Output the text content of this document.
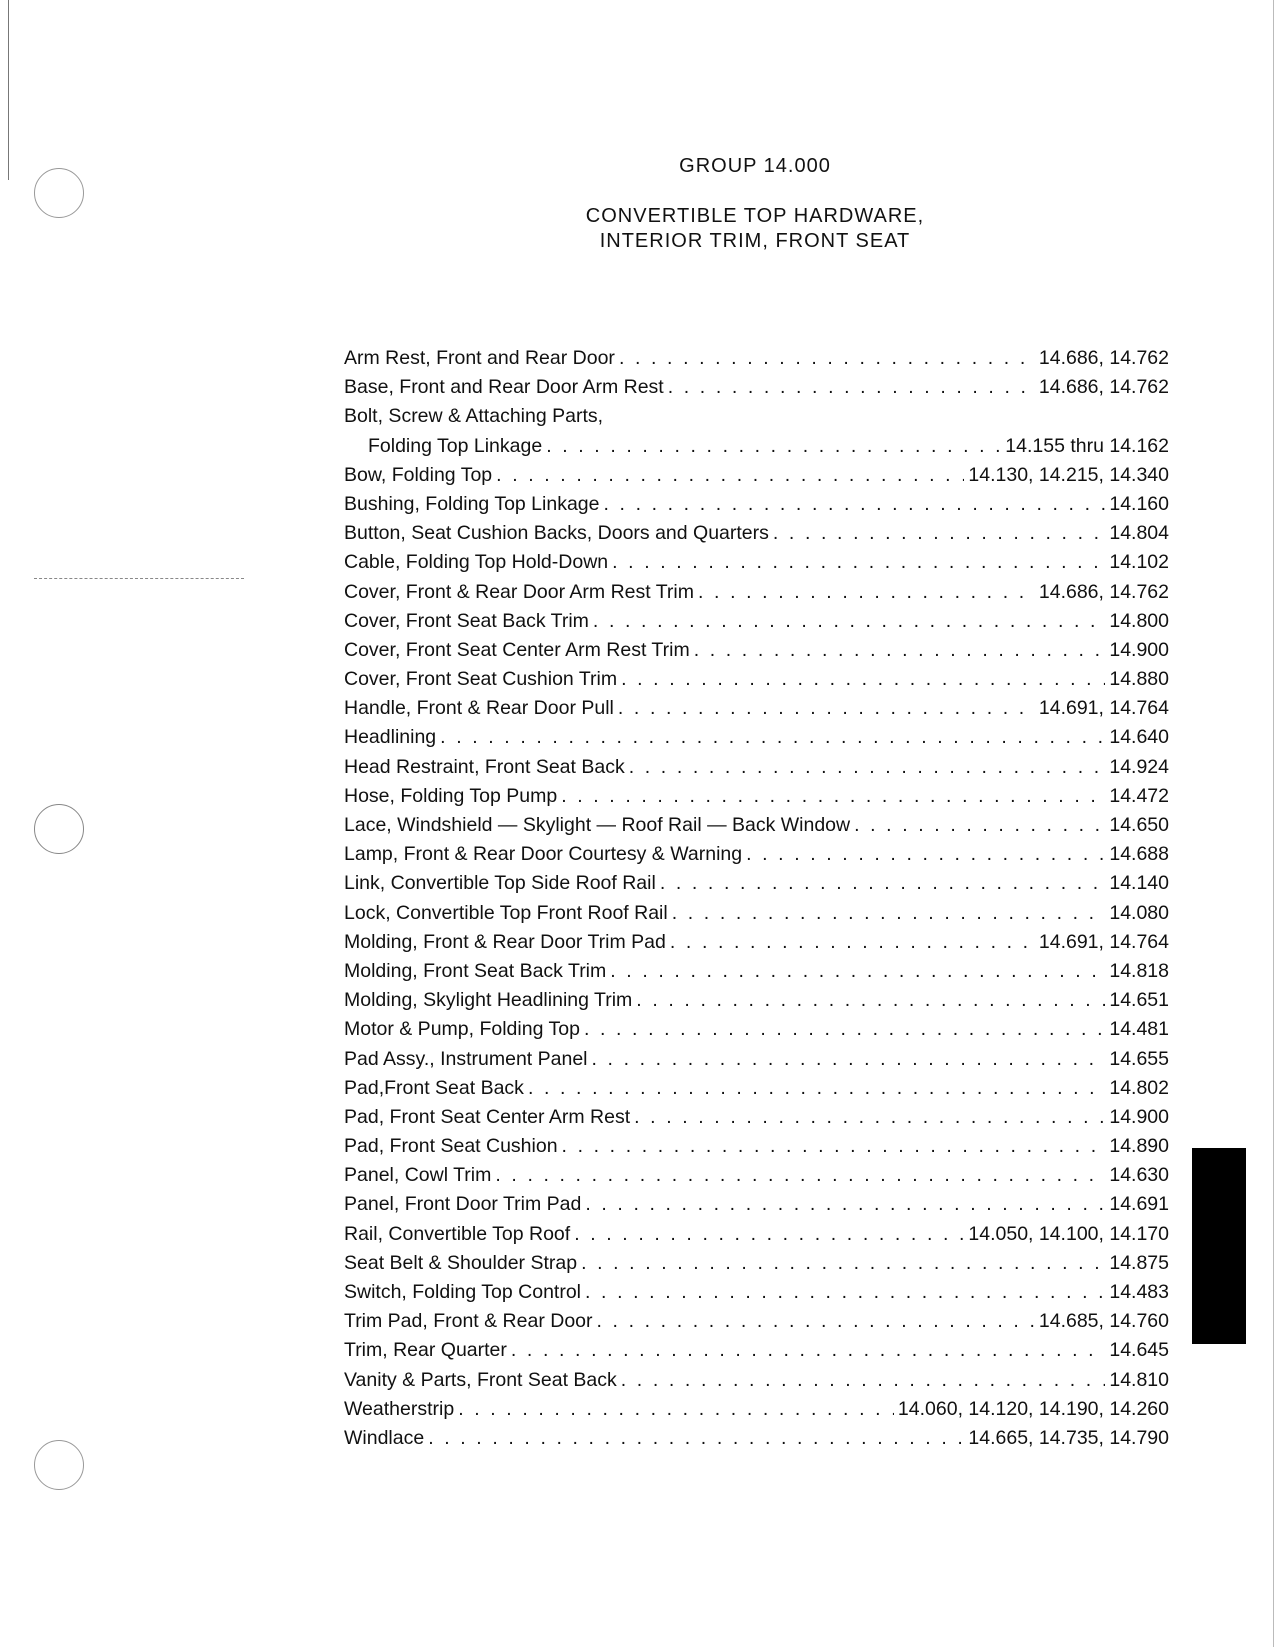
GROUP 14.000
CONVERTIBLE TOP HARDWARE,
INTERIOR TRIM, FRONT SEAT
Arm Rest, Front and Rear Door . . .	14.686, 14.762
Base, Front and Rear Door Arm Rest . . .	14.686, 14.762
Bolt, Screw & Attaching Parts,
Folding Top Linkage . . .	14.155 thru 14.162
Bow, Folding Top . . .	14.130, 14.215, 14.340
Bushing, Folding Top Linkage . . .	14.160
Button, Seat Cushion Backs, Doors and Quarters . . .	14.804
Cable, Folding Top Hold-Down . . .	14.102
Cover, Front & Rear Door Arm Rest Trim . . .	14.686, 14.762
Cover, Front Seat Back Trim . . .	14.800
Cover, Front Seat Center Arm Rest Trim . . .	14.900
Cover, Front Seat Cushion Trim . . .	14.880
Handle, Front & Rear Door Pull . . .	14.691, 14.764
Headlining . . .	14.640
Head Restraint, Front Seat Back . . .	14.924
Hose, Folding Top Pump . . .	14.472
Lace, Windshield — Skylight — Roof Rail — Back Window . . .	14.650
Lamp, Front & Rear Door Courtesy & Warning . . .	14.688
Link, Convertible Top Side Roof Rail . . .	14.140
Lock, Convertible Top Front Roof Rail . . .	14.080
Molding, Front & Rear Door Trim Pad . . .	14.691, 14.764
Molding, Front Seat Back Trim . . .	14.818
Molding, Skylight Headlining Trim . . .	14.651
Motor & Pump, Folding Top . . .	14.481
Pad Assy., Instrument Panel . . .	14.655
Pad,Front Seat Back . . .	14.802
Pad, Front Seat Center Arm Rest . . .	14.900
Pad, Front Seat Cushion . . .	14.890
Panel, Cowl Trim . . .	14.630
Panel, Front Door Trim Pad . . .	14.691
Rail, Convertible Top Roof . . .	14.050, 14.100, 14.170
Seat Belt & Shoulder Strap . . .	14.875
Switch, Folding Top Control . . .	14.483
Trim Pad, Front & Rear Door . . .	14.685, 14.760
Trim, Rear Quarter . . .	14.645
Vanity & Parts, Front Seat Back . . .	14.810
Weatherstrip . . .	14.060, 14.120, 14.190, 14.260
Windlace . . .	14.665, 14.735, 14.790
